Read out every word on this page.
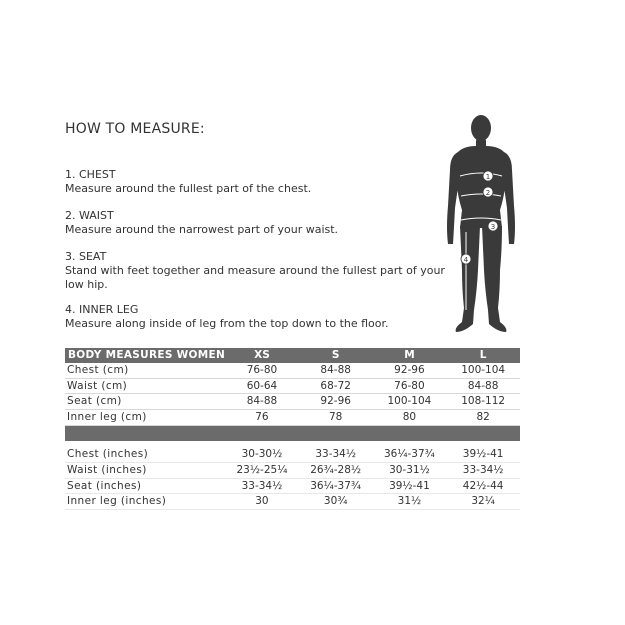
HOW TO MEASURE:
1. CHEST
Measure around the fullest part of the chest.
2. WAIST
Measure around the narrowest part of your waist.
3. SEAT
Stand with feet together and measure around the fullest part of your low hip.
4. INNER LEG
Measure along inside of leg from the top down to the floor.
1
2
3
4
BODY MEASURES WOMEN	XS	S	M	L
Chest (cm)	76-80	84-88	92-96	100-104
Waist (cm)	60-64	68-72	76-80	84-88
Seat (cm)	84-88	92-96	100-104	108-112
Inner leg (cm)	76	78	80	82

Chest (inches)	30-30½	33-34½	36¼-37¾	39½-41
Waist (inches)	23½-25¼	26¾-28½	30-31½	33-34½
Seat (inches)	33-34½	36¼-37¾	39½-41	42½-44
Inner leg (inches)	30	30¾	31½	32¼
